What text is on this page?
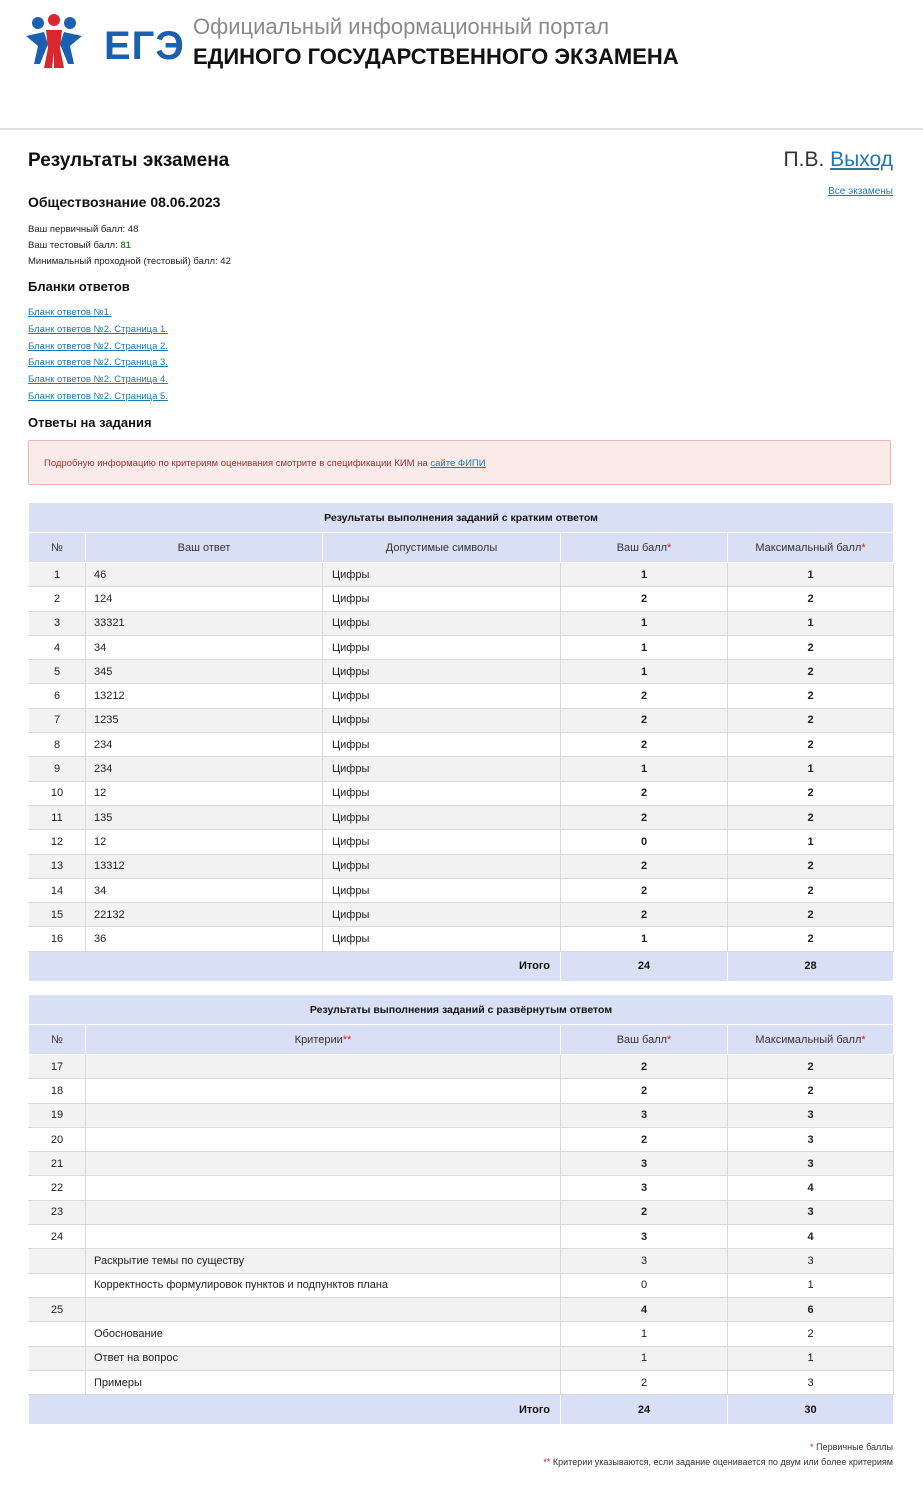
ЕГЭ Официальный информационный портал
ЕДИНОГО ГОСУДАРСТВЕННОГО ЭКЗАМЕНА
Результаты экзамена	П.В. Выход
Все экзамены
Обществознание 08.06.2023
Ваш первичный балл: 48
Ваш тестовый балл: 81
Минимальный проходной (тестовый) балл: 42
Бланки ответов
Бланк ответов №1.
Бланк ответов №2. Страница 1.
Бланк ответов №2. Страница 2.
Бланк ответов №2. Страница 3.
Бланк ответов №2. Страница 4.
Бланк ответов №2. Страница 5.
Ответы на задания
Подробную информацию по критериям оценивания смотрите в спецификации КИМ на сайте ФИПИ
Результаты выполнения заданий с кратким ответом				
№	Ваш ответ	Допустимые символы	Ваш балл*	Максимальный балл*
1	46	Цифры	1	1
2	124	Цифры	2	2
3	33321	Цифры	1	1
4	34	Цифры	1	2
5	345	Цифры	1	2
6	13212	Цифры	2	2
7	1235	Цифры	2	2
8	234	Цифры	2	2
9	234	Цифры	1	1
10	12	Цифры	2	2
11	135	Цифры	2	2
12	12	Цифры	0	1
13	13312	Цифры	2	2
14	34	Цифры	2	2
15	22132	Цифры	2	2
16	36	Цифры	1	2
Итого			24	28
Результаты выполнения заданий с развёрнутым ответом			
№	Критерии**	Ваш балл*	Максимальный балл*
17		2	2
18		2	2
19		3	3
20		2	3
21		3	3
22		3	4
23		2	3
24		3	4
	Раскрытие темы по существу	3	3
	Корректность формулировок пунктов и подпунктов плана	0	1
25		4	6
	Обоснование	1	2
	Ответ на вопрос	1	1
	Примеры	2	3
Итого		24	30
* Первичные баллы
** Критерии указываются, если задание оценивается по двум или более критериям
